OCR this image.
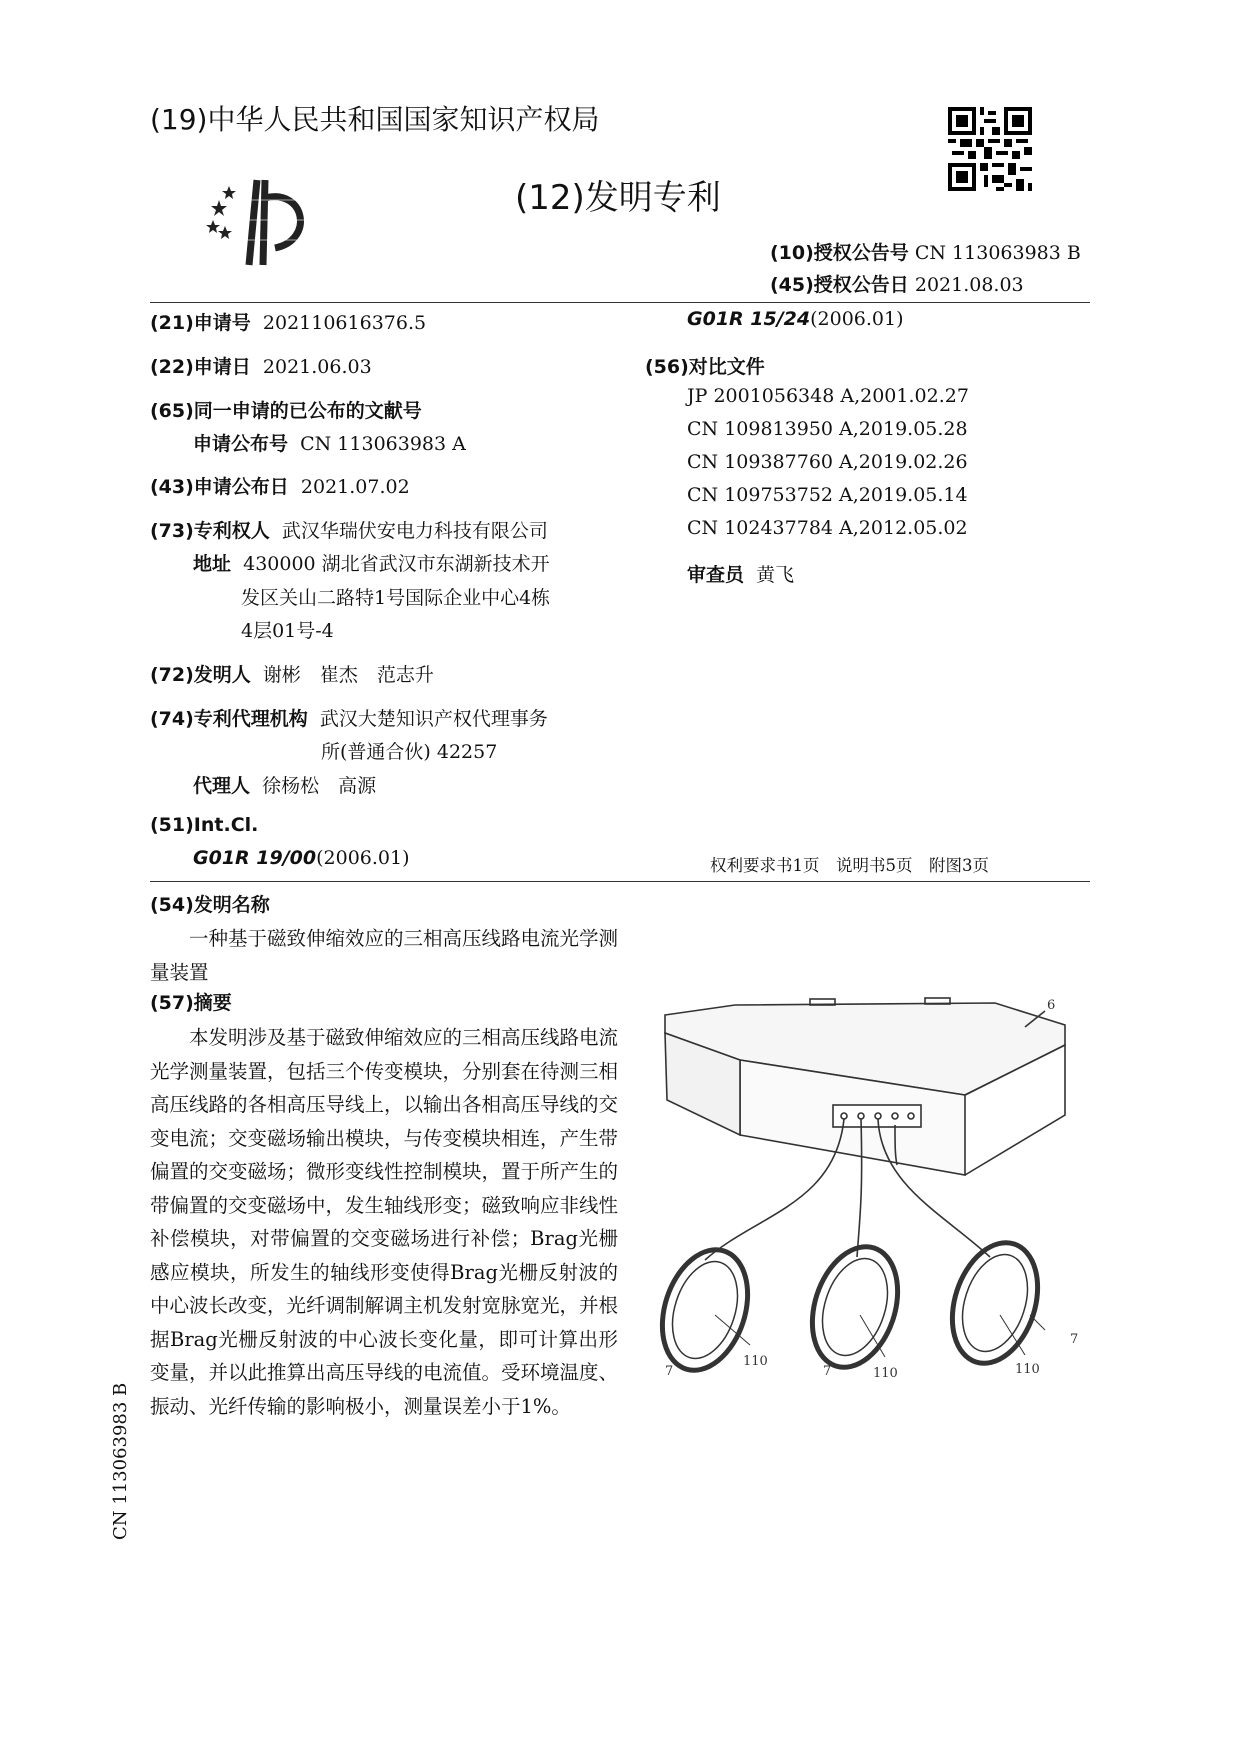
(19)中华人民共和国国家知识产权局
(12)发明专利
(10)授权公告号 CN 113063983 B
(45)授权公告日 2021.08.03
(21)申请号 202110616376.5
(22)申请日 2021.06.03
(65)同一申请的已公布的文献号
申请公布号 CN 113063983 A
(43)申请公布日 2021.07.02
(73)专利权人 武汉华瑞伏安电力科技有限公司
地址 430000 湖北省武汉市东湖新技术开
发区关山二路特1号国际企业中心4栋
4层01号-4
(72)发明人 谢彬　崔杰　范志升
(74)专利代理机构 武汉大楚知识产权代理事务
所(普通合伙) 42257
代理人 徐杨松　高源
(51)Int.Cl.
G01R 19/00(2006.01)
G01R 15/24(2006.01)
(56)对比文件
JP 2001056348 A,2001.02.27
CN 109813950 A,2019.05.28
CN 109387760 A,2019.02.26
CN 109753752 A,2019.05.14
CN 102437784 A,2012.05.02
审查员 黄飞
权利要求书1页　说明书5页　附图3页
(54)发明名称
一种基于磁致伸缩效应的三相高压线路电流光学测量装置
(57)摘要
本发明涉及基于磁致伸缩效应的三相高压线路电流光学测量装置，包括三个传变模块，分别套在待测三相高压线路的各相高压导线上，以输出各相高压导线的交变电流；交变磁场输出模块，与传变模块相连，产生带偏置的交变磁场；微形变线性控制模块，置于所产生的带偏置的交变磁场中，发生轴线形变；磁致响应非线性补偿模块，对带偏置的交变磁场进行补偿；Brag光栅感应模块，所发生的轴线形变使得Brag光栅反射波的中心波长改变，光纤调制解调主机发射宽脉宽光，并根据Brag光栅反射波的中心波长变化量，即可计算出形变量，并以此推算出高压导线的电流值。受环境温度、振动、光纤传输的影响极小，测量误差小于1%。
6
7
110
7	110	110
7
CN 113063983 B
